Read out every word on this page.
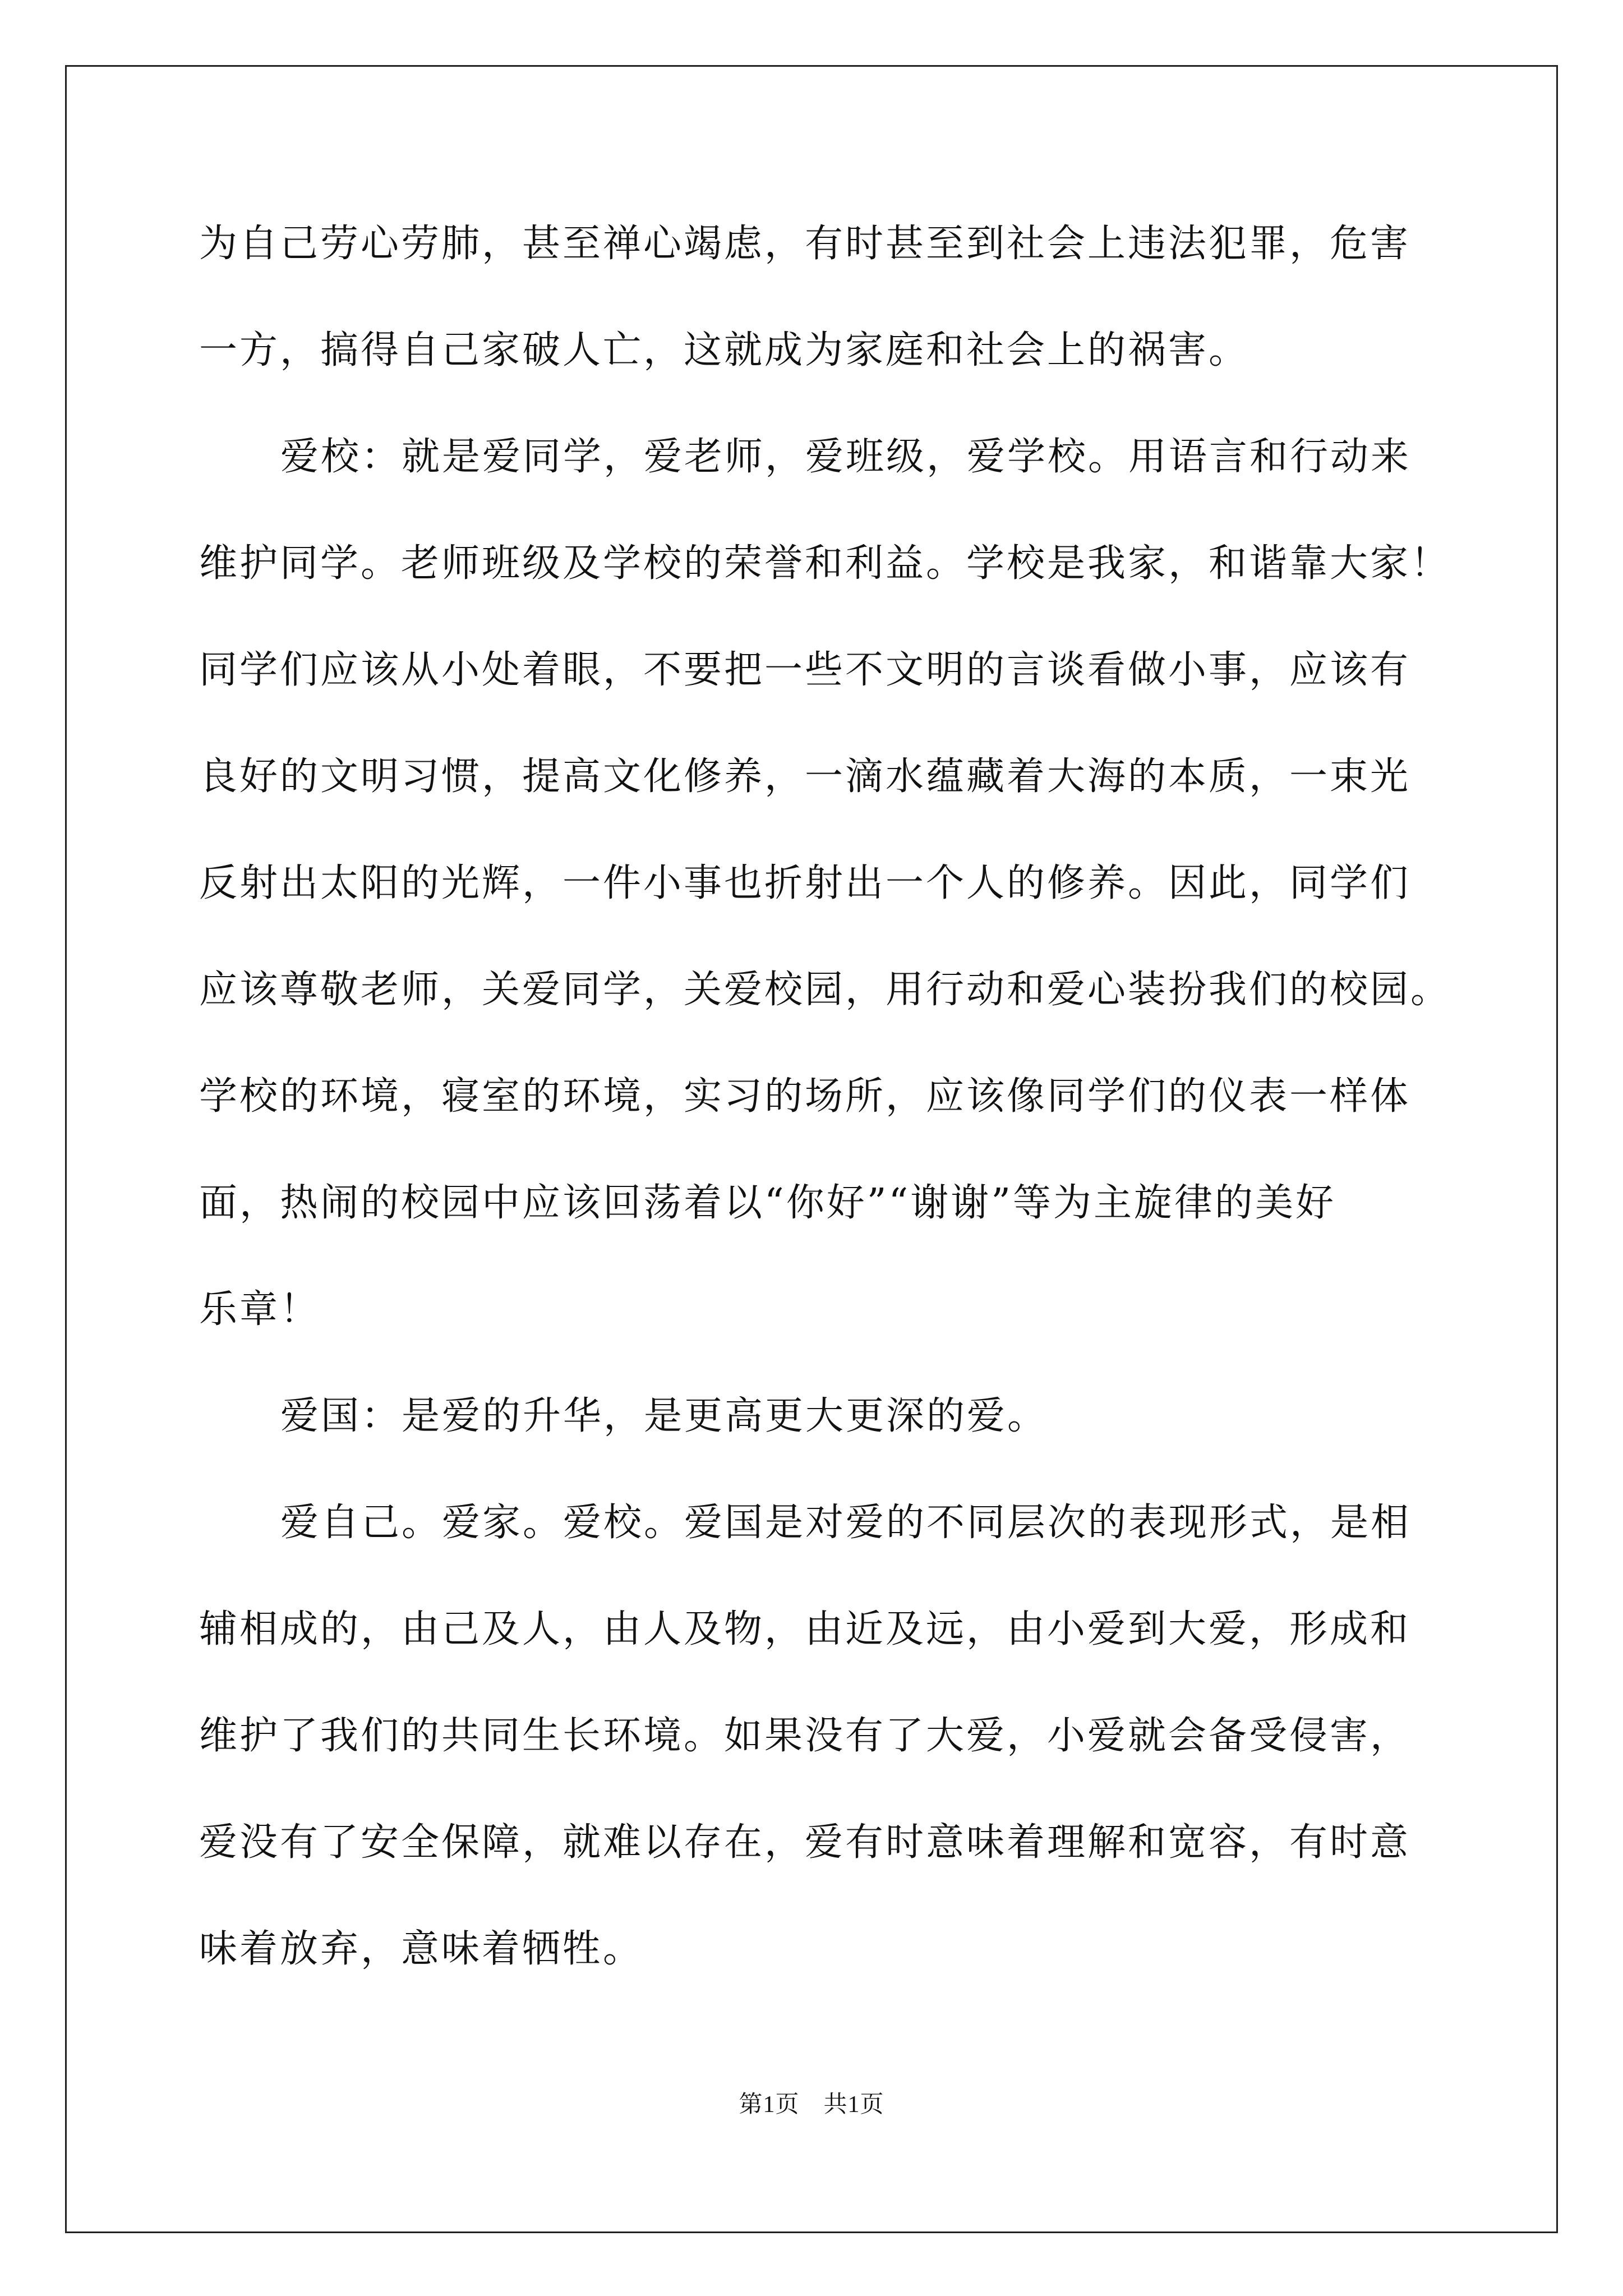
为自己劳心劳肺，甚至禅心竭虑，有时甚至到社会上违法犯罪，危害
一方，搞得自己家破人亡，这就成为家庭和社会上的祸害。
爱校：就是爱同学，爱老师，爱班级，爱学校。用语言和行动来
维护同学。老师班级及学校的荣誉和利益。学校是我家，和谐靠大家！
同学们应该从小处着眼，不要把一些不文明的言谈看做小事，应该有
良好的文明习惯，提高文化修养，一滴水蕴藏着大海的本质，一束光
反射出太阳的光辉，一件小事也折射出一个人的修养。因此，同学们
应该尊敬老师，关爱同学，关爱校园，用行动和爱心装扮我们的校园。
学校的环境，寝室的环境，实习的场所，应该像同学们的仪表一样体
面，热闹的校园中应该回荡着以“你好”“谢谢”等为主旋律的美好
乐章！
爱国：是爱的升华，是更高更大更深的爱。
爱自己。爱家。爱校。爱国是对爱的不同层次的表现形式，是相
辅相成的，由己及人，由人及物，由近及远，由小爱到大爱，形成和
维护了我们的共同生长环境。如果没有了大爱，小爱就会备受侵害，
爱没有了安全保障，就难以存在，爱有时意味着理解和宽容，有时意
味着放弃，意味着牺牲。
第1页　共1页
